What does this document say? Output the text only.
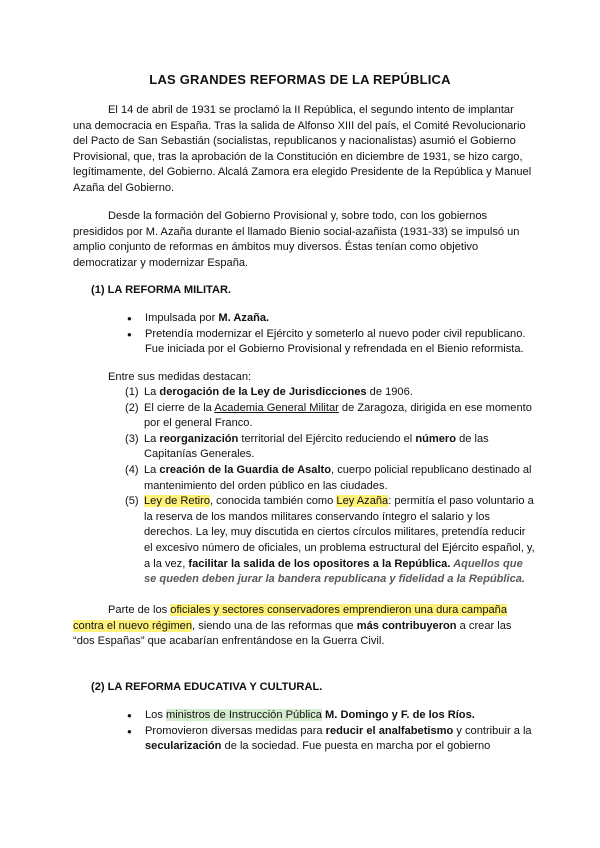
LAS GRANDES REFORMAS DE LA REPÚBLICA
El 14 de abril de 1931 se proclamó la II República, el segundo intento de implantar una democracia en España. Tras la salida de Alfonso XIII del país, el Comité Revolucionario del Pacto de San Sebastián (socialistas, republicanos y nacionalistas) asumió el Gobierno Provisional, que, tras la aprobación de la Constitución en diciembre de 1931, se hizo cargo, legítimamente, del Gobierno. Alcalá Zamora era elegido Presidente de la República y Manuel Azaña del Gobierno.
Desde la formación del Gobierno Provisional y, sobre todo, con los gobiernos presididos por M. Azaña durante el llamado Bienio social-azañista (1931-33) se impulsó un amplio conjunto de reformas en ámbitos muy diversos. Éstas tenían como objetivo democratizar y modernizar España.
(1) LA REFORMA MILITAR.
● Impulsada por M. Azaña.
● Pretendía modernizar el Ejército y someterlo al nuevo poder civil republicano. Fue iniciada por el Gobierno Provisional y refrendada en el Bienio reformista.
Entre sus medidas destacan:
(1) La derogación de la Ley de Jurisdicciones de 1906.
(2) El cierre de la Academia General Militar de Zaragoza, dirigida en ese momento por el general Franco.
(3) La reorganización territorial del Ejército reduciendo el número de las Capitanías Generales.
(4) La creación de la Guardia de Asalto, cuerpo policial republicano destinado al mantenimiento del orden público en las ciudades.
(5) Ley de Retiro, conocida también como Ley Azaña: permitía el paso voluntario a la reserva de los mandos militares conservando íntegro el salario y los derechos. La ley, muy discutida en ciertos círculos militares, pretendía reducir el excesivo número de oficiales, un problema estructural del Ejército español, y, a la vez, facilitar la salida de los opositores a la República. Aquellos que se queden deben jurar la bandera republicana y fidelidad a la República.
Parte de los oficiales y sectores conservadores emprendieron una dura campaña contra el nuevo régimen, siendo una de las reformas que más contribuyeron a crear las “dos Españas” que acabarían enfrentándose en la Guerra Civil.
(2) LA REFORMA EDUCATIVA Y CULTURAL.
● Los ministros de Instrucción Pública M. Domingo y F. de los Ríos.
● Promovieron diversas medidas para reducir el analfabetismo y contribuir a la secularización de la sociedad. Fue puesta en marcha por el gobierno
